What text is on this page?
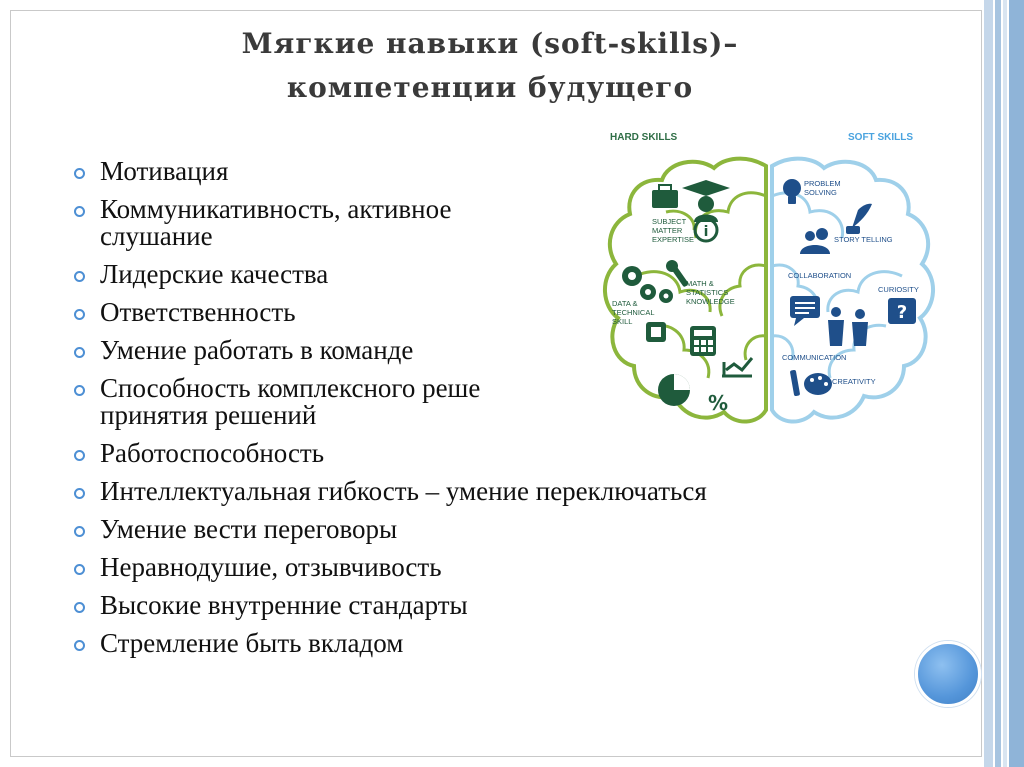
Мягкие навыки (soft-skills)–
компетенции будущего
Мотивация
Коммуникативность, активное
слушание
Лидерские качества
Ответственность
Умение работать в команде
Способность комплексного реше
принятия решений
Работоспособность
Интеллектуальная гибкость – умение переключаться
Умение вести переговоры
Неравнодушие, отзывчивость
Высокие внутренние стандарты
Стремление быть вкладом
HARD SKILLS	SOFT SKILLS
i
SUBJECT MATTER EXPERTISE
MATH & STATISTICS KNOWLEDGE
DATA & TECHNICAL SKILL
%
PROBLEM SOLVING
STORY TELLING
COLLABORATION
CURIOSITY
?
COMMUNICATION
CREATIVITY
